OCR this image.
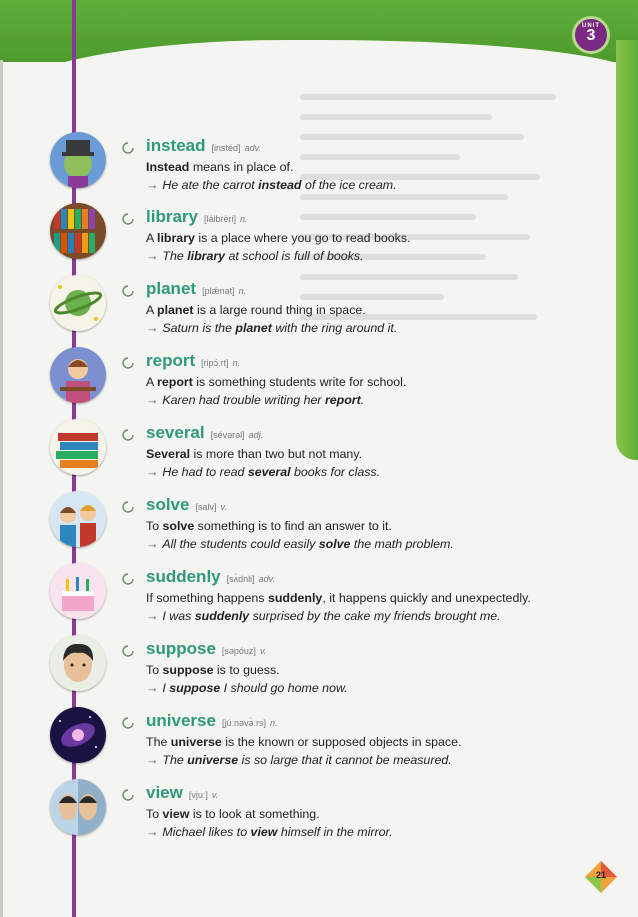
UNIT
3
instead [instéd] adv.
Instead means in place of.
→ He ate the carrot instead of the ice cream.
library [láibrèri] n.
A library is a place where you go to read books.
→ The library at school is full of books.
planet [plǽnət] n.
A planet is a large round thing in space.
→ Saturn is the planet with the ring around it.
report [ripɔ́ːrt] n.
A report is something students write for school.
→ Karen had trouble writing her report.
several [sévərəl] adj.
Several is more than two but not many.
→ He had to read several books for class.
solve [salv] v.
To solve something is to find an answer to it.
→ All the students could easily solve the math problem.
suddenly [sʌ́dnli] adv.
If something happens suddenly, it happens quickly and unexpectedly.
→ I was suddenly surprised by the cake my friends brought me.
suppose [səpóuz] v.
To suppose is to guess.
→ I suppose I should go home now.
universe [júːnəvə̀ːrs] n.
The universe is the known or supposed objects in space.
→ The universe is so large that it cannot be measured.
view [vjuː] v.
To view is to look at something.
→ Michael likes to view himself in the mirror.
21
